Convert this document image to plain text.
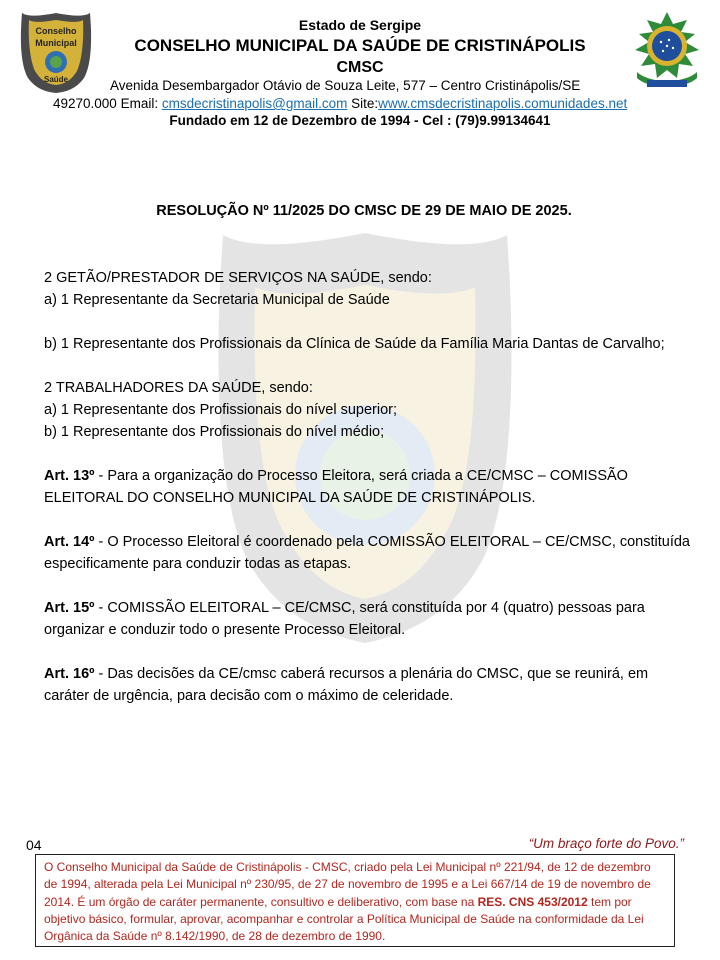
Conselho
Municipal
Saúde
Estado de Sergipe
CONSELHO MUNICIPAL DA SAÚDE DE CRISTINÁPOLIS
CMSC
Avenida Desembargador Otávio de Souza Leite, 577 – Centro Cristinápolis/SE
49270.000 Email: cmsdecristinapolis@gmail.com Site:www.cmsdecristinapolis.comunidades.net
Fundado em 12 de Dezembro de 1994 - Cel : (79)9.99134641
RESOLUÇÃO Nº 11/2025 DO CMSC DE 29 DE MAIO DE 2025.

2 GETÃO/PRESTADOR DE SERVIÇOS NA SAÚDE, sendo:

a) 1 Representante da Secretaria Municipal de Saúde

b) 1 Representante dos Profissionais da Clínica de Saúde da Família Maria Dantas de Carvalho;

2 TRABALHADORES DA SAÚDE, sendo:

a) 1 Representante dos Profissionais do nível superior;

b) 1 Representante dos Profissionais do nível médio;

Art. 13º - Para a organização do Processo Eleitora, será criada a CE/CMSC – COMISSÃO ELEITORAL DO CONSELHO MUNICIPAL DA SAÚDE DE CRISTINÁPOLIS.

Art. 14º - O Processo Eleitoral é coordenado pela COMISSÃO ELEITORAL – CE/CMSC, constituída especificamente para conduzir todas as etapas.

Art. 15º - COMISSÃO ELEITORAL – CE/CMSC, será constituída por 4 (quatro) pessoas para organizar e conduzir todo o presente Processo Eleitoral.

Art. 16º - Das decisões da CE/cmsc caberá recursos a plenária do CMSC, que se reunirá, em caráter de urgência, para decisão com o máximo de celeridade.

04	“Um braço forte do Povo.”
O Conselho Municipal da Saúde de Cristinápolis - CMSC, criado pela Lei Municipal nº 221/94, de 12 de dezembro de 1994, alterada pela Lei Municipal nº 230/95, de 27 de novembro de 1995 e a Lei 667/14 de 19 de novembro de 2014. É um órgão de caráter permanente, consultivo e deliberativo, com base na RES. CNS 453/2012 tem por objetivo básico, formular, aprovar, acompanhar e controlar a Política Municipal de Saúde na conformidade da Lei Orgânica da Saúde nº 8.142/1990, de 28 de dezembro de 1990.
